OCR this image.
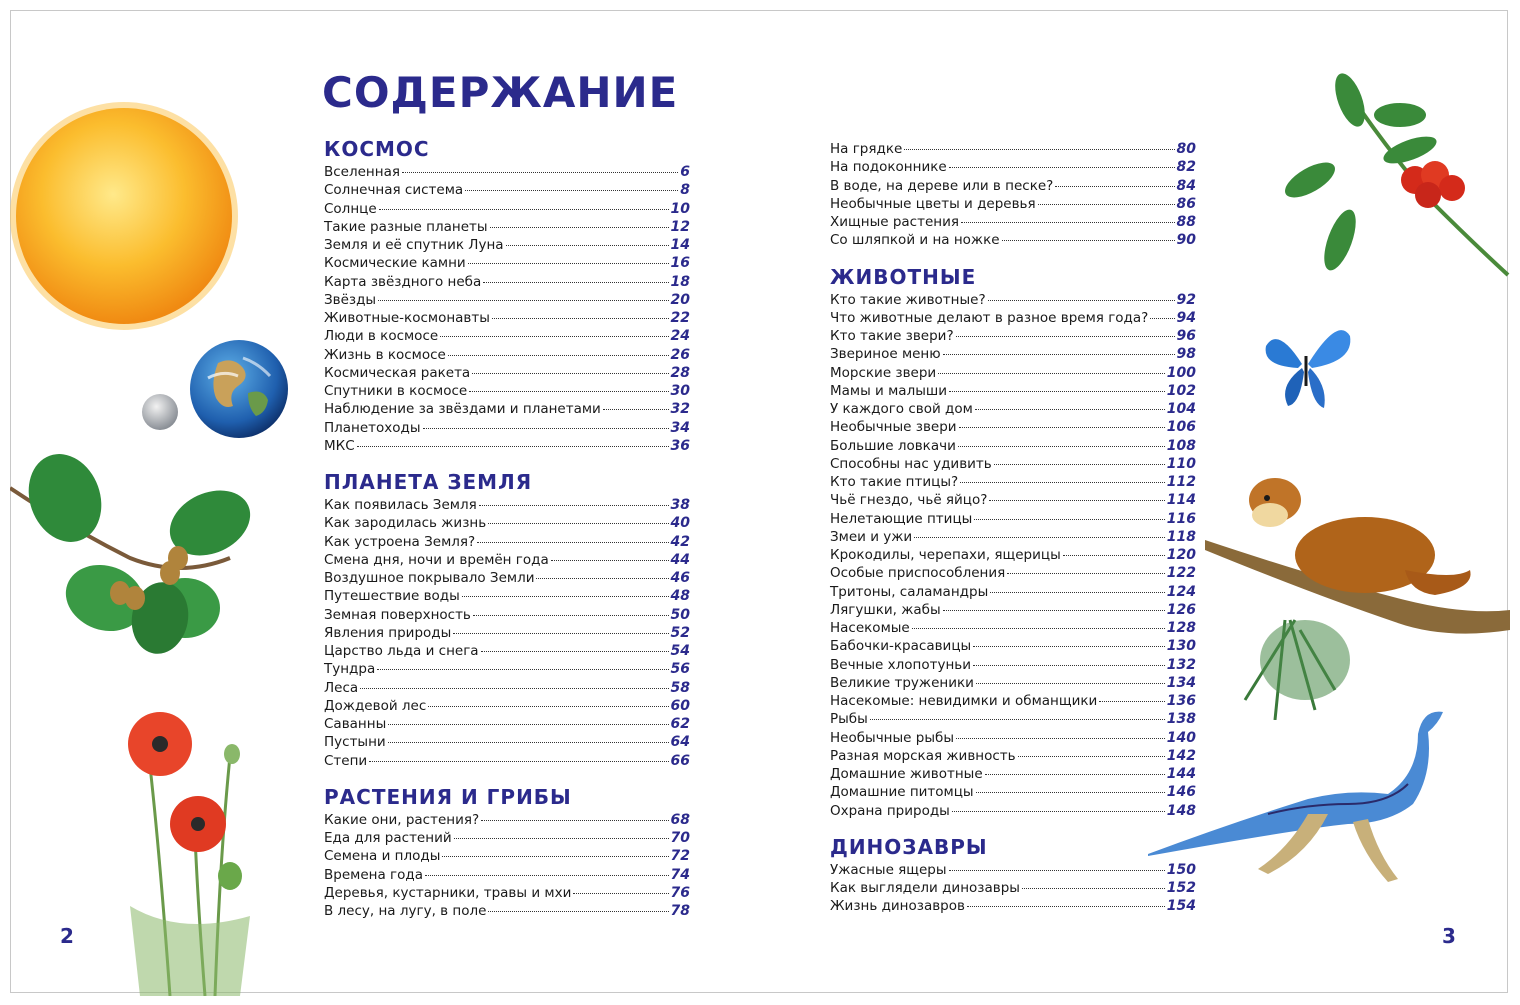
СОДЕРЖАНИЕ
КОСМОС
Вселенная	6
Солнечная система	8
Солнце	10
Такие разные планеты	12
Земля и её спутник Луна	14
Космические камни	16
Карта звёздного неба	18
Звёзды	20
Животные-космонавты	22
Люди в космосе	24
Жизнь в космосе	26
Космическая ракета	28
Спутники в космосе	30
Наблюдение за звёздами и планетами	32
Планетоходы	34
МКС	36
ПЛАНЕТА ЗЕМЛЯ
Как появилась Земля	38
Как зародилась жизнь	40
Как устроена Земля?	42
Смена дня, ночи и времён года	44
Воздушное покрывало Земли	46
Путешествие воды	48
Земная поверхность	50
Явления природы	52
Царство льда и снега	54
Тундра	56
Леса	58
Дождевой лес	60
Саванны	62
Пустыни	64
Степи	66
РАСТЕНИЯ И ГРИБЫ
Какие они, растения?	68
Еда для растений	70
Семена и плоды	72
Времена года	74
Деревья, кустарники, травы и мхи	76
В лесу, на лугу, в поле	78
На грядке	80
На подоконнике	82
В воде, на дереве или в песке?	84
Необычные цветы и деревья	86
Хищные растения	88
Со шляпкой и на ножке	90
ЖИВОТНЫЕ
Кто такие животные?	92
Что животные делают в разное время года? 94
Кто такие звери?	96
Звериное меню	98
Морские звери	100
Мамы и малыши	102
У каждого свой дом	104
Необычные звери	106
Большие ловкачи	108
Способны нас удивить	110
Кто такие птицы?	112
Чьё гнездо, чьё яйцо?	114
Нелетающие птицы	116
Змеи и ужи	118
Крокодилы, черепахи, ящерицы	120
Особые приспособления	122
Тритоны, саламандры	124
Лягушки, жабы	126
Насекомые	128
Бабочки-красавицы	130
Вечные хлопотуньи	132
Великие труженики	134
Насекомые: невидимки и обманщики	136
Рыбы	138
Необычные рыбы	140
Разная морская живность	142
Домашние животные	144
Домашние питомцы	146
Охрана природы	148
ДИНОЗАВРЫ
Ужасные ящеры	150
Как выглядели динозавры	152
Жизнь динозавров	154
2	3
